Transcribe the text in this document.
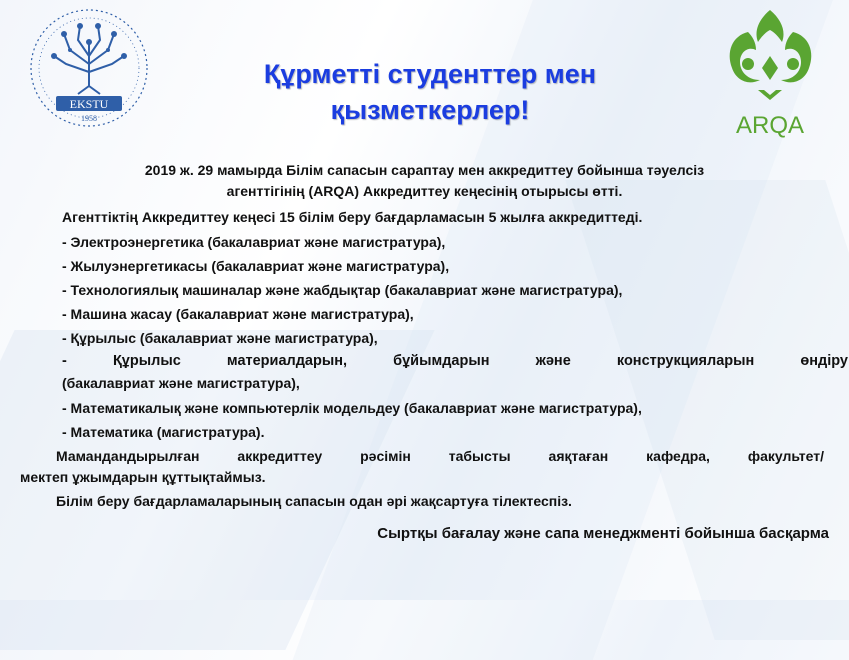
EKSTU
1958	ARQA
Құрметті студенттер мен
қызметкерлер!
2019 ж. 29 мамырда Білім сапасын сараптау мен аккредиттеу бойынша тәуелсіз
агенттігінің (ARQA) Аккредиттеу кеңесінің отырысы өтті.
Агенттіктің Аккредиттеу кеңесі 15 білім беру бағдарламасын 5 жылға аккредиттеді.
- Электроэнергетика (бакалавриат және магистратура),
- Жылуэнергетикасы (бакалавриат және магистратура),
- Технологиялық машиналар және жабдықтар (бакалавриат және магистратура),
- Машина жасау (бакалавриат және магистратура),
- Құрылыс (бакалавриат және магистратура),
- Құрылыс материалдарын, бұйымдарын және конструкцияларын өндіру
(бакалавриат және магистратура),
- Математикалық және компьютерлік модельдеу (бакалавриат және магистратура),
- Математика (магистратура).
Мамандандырылған аккредиттеу рәсімін табысты аяқтаған кафедра, факультет/
мектеп ұжымдарын құттықтаймыз.
Білім беру бағдарламаларының сапасын одан әрі жақсартуға тілектеспіз.
Сыртқы бағалау және сапа менеджменті бойынша басқарма
